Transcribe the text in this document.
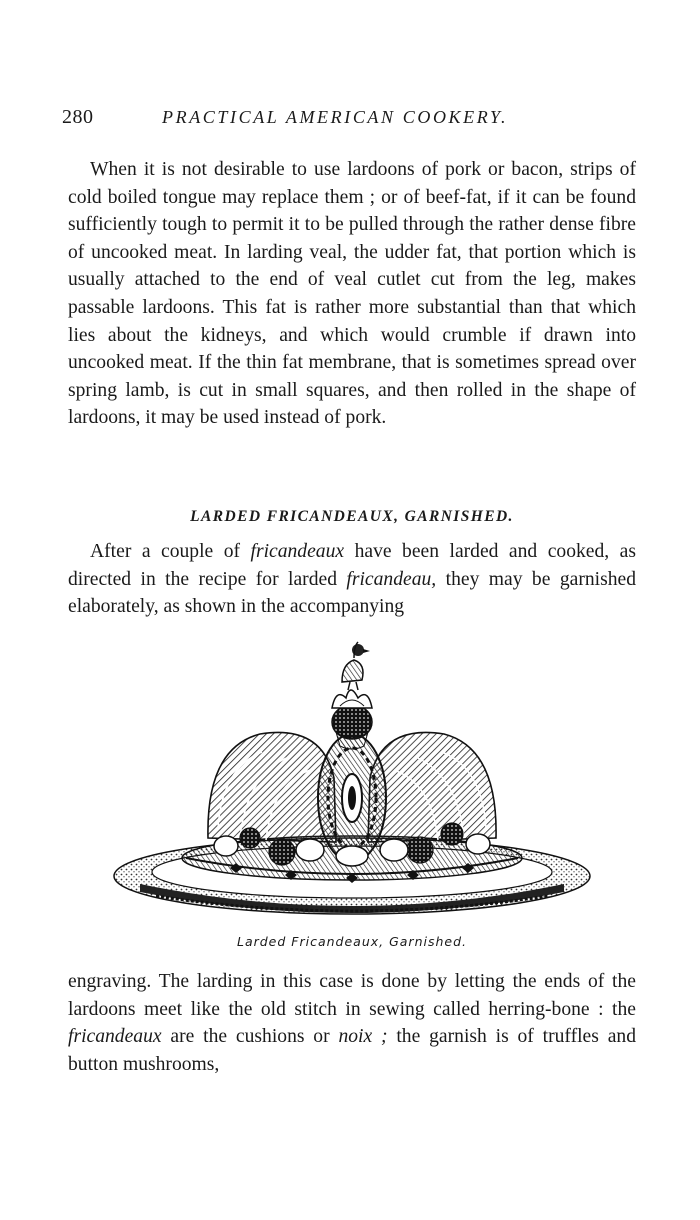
280	PRACTICAL AMERICAN COOKERY.

When it is not desirable to use lardoons of pork or bacon, strips of cold boiled tongue may replace them ; or of beef-fat, if it can be found sufficiently tough to permit it to be pulled through the rather dense fibre of uncooked meat. In larding veal, the udder fat, that portion which is usually attached to the end of veal cutlet cut from the leg, makes passable lardoons. This fat is rather more substantial than that which lies about the kidneys, and which would crumble if drawn into uncooked meat. If the thin fat membrane, that is sometimes spread over spring lamb, is cut in small squares, and then rolled in the shape of lardoons, it may be used instead of pork.

LARDED FRICANDEAUX, GARNISHED.

After a couple of fricandeaux have been larded and cooked, as directed in the recipe for larded fricandeau, they may be garnished elaborately, as shown in the accompanying

Larded Fricandeaux, Garnished.

engraving. The larding in this case is done by letting the ends of the lardoons meet like the old stitch in sewing called herring-bone : the fricandeaux are the cushions or noix ; the garnish is of truffles and button mushrooms,
